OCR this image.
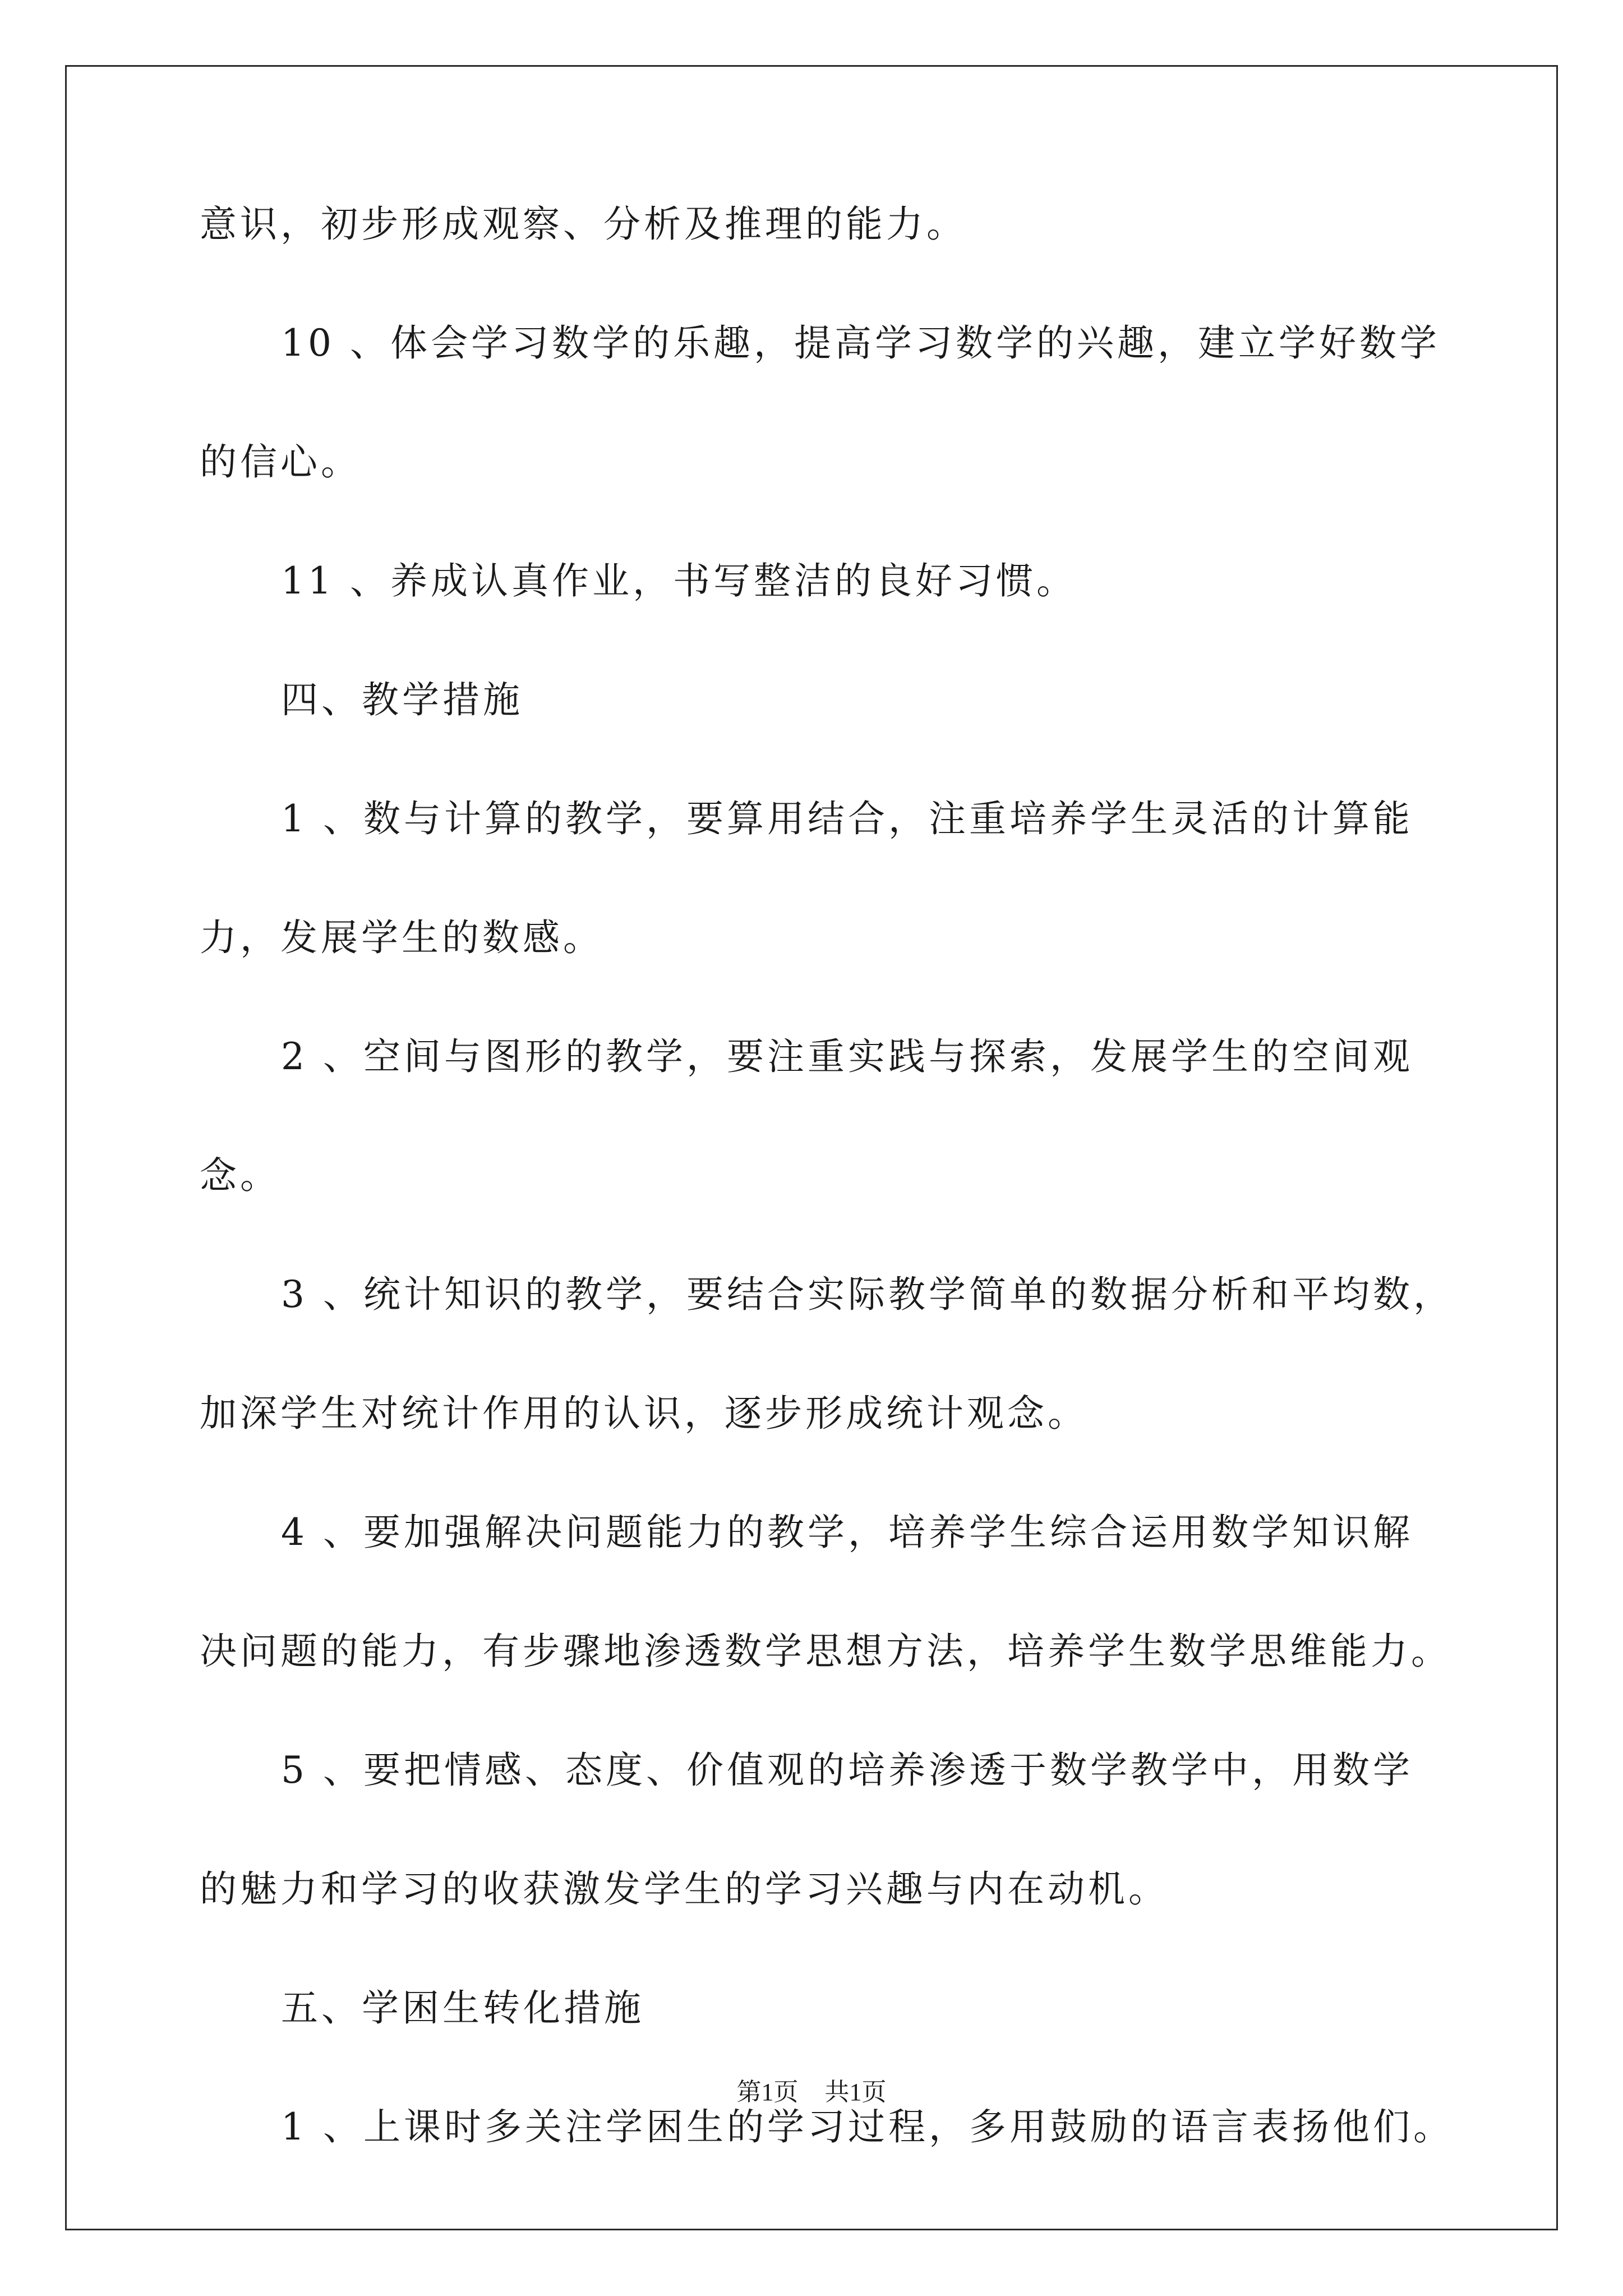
意识，初步形成观察、分析及推理的能力。
10 、体会学习数学的乐趣，提高学习数学的兴趣，建立学好数学
的信心。
11 、养成认真作业，书写整洁的良好习惯。
四、教学措施
1 、数与计算的教学，要算用结合，注重培养学生灵活的计算能
力，发展学生的数感。
2 、空间与图形的教学，要注重实践与探索，发展学生的空间观
念。
3 、统计知识的教学，要结合实际教学简单的数据分析和平均数，
加深学生对统计作用的认识，逐步形成统计观念。
4 、要加强解决问题能力的教学，培养学生综合运用数学知识解
决问题的能力，有步骤地渗透数学思想方法，培养学生数学思维能力。
5 、要把情感、态度、价值观的培养渗透于数学教学中，用数学
的魅力和学习的收获激发学生的学习兴趣与内在动机。
五、学困生转化措施
1 、上课时多关注学困生的学习过程，多用鼓励的语言表扬他们。
第1页 共1页
